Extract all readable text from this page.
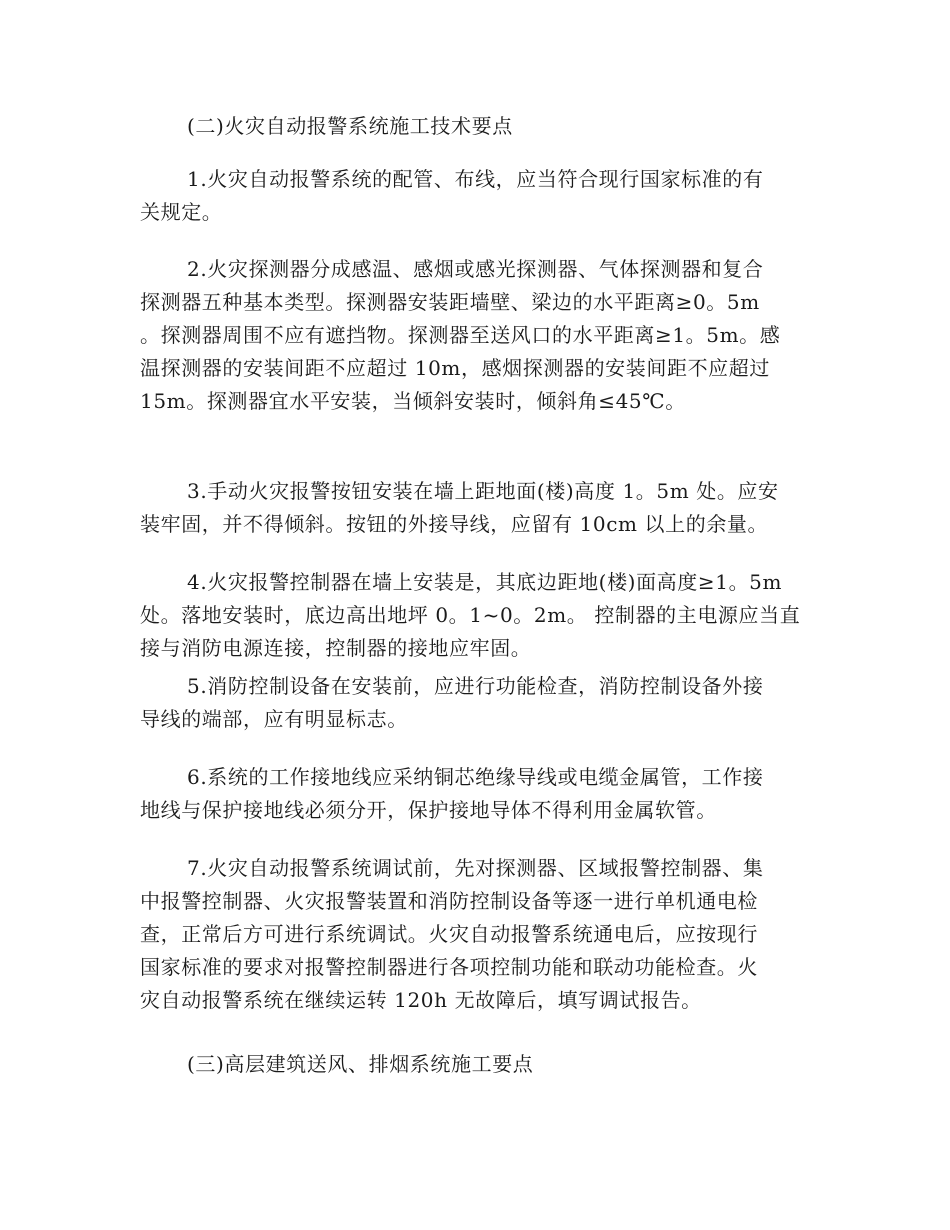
(二)火灾自动报警系统施工技术要点
1.火灾自动报警系统的配管、布线，应当符合现行国家标准的有
关规定。
2.火灾探测器分成感温、感烟或感光探测器、气体探测器和复合
探测器五种基本类型。探测器安装距墙壁、梁边的水平距离≥0。5m
。探测器周围不应有遮挡物。探测器至送风口的水平距离≥1。5m。感
温探测器的安装间距不应超过 10m，感烟探测器的安装间距不应超过
15m。探测器宜水平安装，当倾斜安装时，倾斜角≤45℃。
3.手动火灾报警按钮安装在墙上距地面(楼)高度 1。5m 处。应安
装牢固，并不得倾斜。按钮的外接导线，应留有 10cm 以上的余量。
4.火灾报警控制器在墙上安装是，其底边距地(楼)面高度≥1。5m
处。落地安装时，底边高出地坪 0。1~0。2m。 控制器的主电源应当直
接与消防电源连接，控制器的接地应牢固。
5.消防控制设备在安装前，应进行功能检查，消防控制设备外接
导线的端部，应有明显标志。
6.系统的工作接地线应采纳铜芯绝缘导线或电缆金属管，工作接
地线与保护接地线必须分开，保护接地导体不得利用金属软管。
7.火灾自动报警系统调试前，先对探测器、区域报警控制器、集
中报警控制器、火灾报警装置和消防控制设备等逐一进行单机通电检
查，正常后方可进行系统调试。火灾自动报警系统通电后，应按现行
国家标准的要求对报警控制器进行各项控制功能和联动功能检查。火
灾自动报警系统在继续运转 120h 无故障后，填写调试报告。
(三)高层建筑送风、排烟系统施工要点
